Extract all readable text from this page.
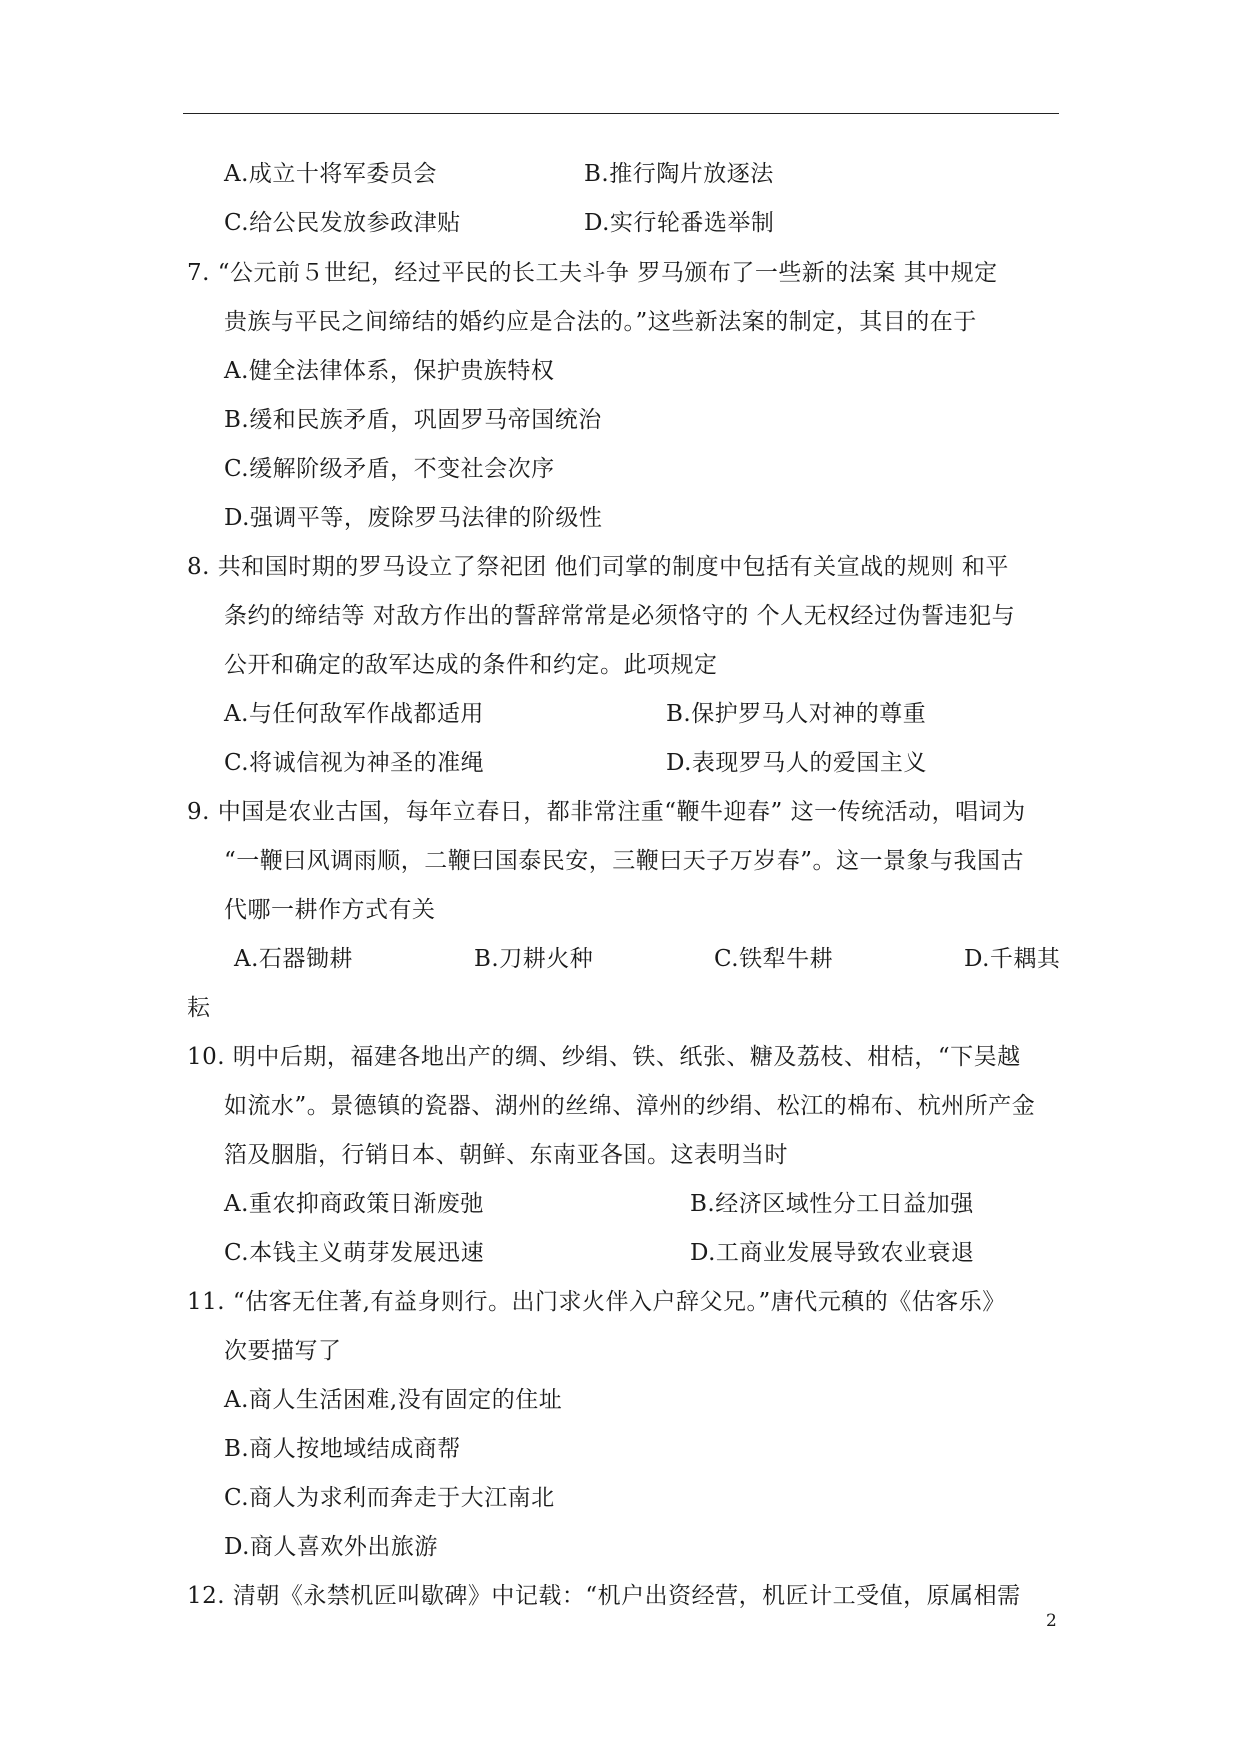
A.成立十将军委员会	B.推行陶片放逐法
C.给公民发放参政津贴	D.实行轮番选举制
7. “公元前５世纪，经过平民的长工夫斗争 罗马颁布了一些新的法案 其中规定
贵族与平民之间缔结的婚约应是合法的。”这些新法案的制定，其目的在于
A.健全法律体系，保护贵族特权
B.缓和民族矛盾，巩固罗马帝国统治
C.缓解阶级矛盾，不变社会次序
D.强调平等，废除罗马法律的阶级性
8. 共和国时期的罗马设立了祭祀团 他们司掌的制度中包括有关宣战的规则 和平
条约的缔结等 对敌方作出的誓辞常常是必须恪守的 个人无权经过伪誓违犯与
公开和确定的敌军达成的条件和约定。此项规定
A.与任何敌军作战都适用	B.保护罗马人对神的尊重
C.将诚信视为神圣的准绳	D.表现罗马人的爱国主义
9. 中国是农业古国，每年立春日，都非常注重“鞭牛迎春” 这一传统活动，唱词为
“一鞭曰风调雨顺，二鞭曰国泰民安，三鞭曰天子万岁春”。这一景象与我国古
代哪一耕作方式有关
A.石器锄耕	B.刀耕火种	C.铁犁牛耕	D.千耦其
耘
10. 明中后期，福建各地出产的绸、纱绢、铁、纸张、糖及荔枝、柑桔，“下吴越
如流水”。景德镇的瓷器、湖州的丝绵、漳州的纱绢、松江的棉布、杭州所产金
箔及胭脂，行销日本、朝鲜、东南亚各国。这表明当时
A.重农抑商政策日渐废弛	B.经济区域性分工日益加强
C.本钱主义萌芽发展迅速	D.工商业发展导致农业衰退
11. “估客无住著,有益身则行。出门求火伴入户辞父兄。”唐代元稹的《估客乐》
次要描写了
A.商人生活困难,没有固定的住址
B.商人按地域结成商帮
C.商人为求利而奔走于大江南北
D.商人喜欢外出旅游
12. 清朝《永禁机匠叫歇碑》中记载：“机户出资经营，机匠计工受值，原属相需
2
